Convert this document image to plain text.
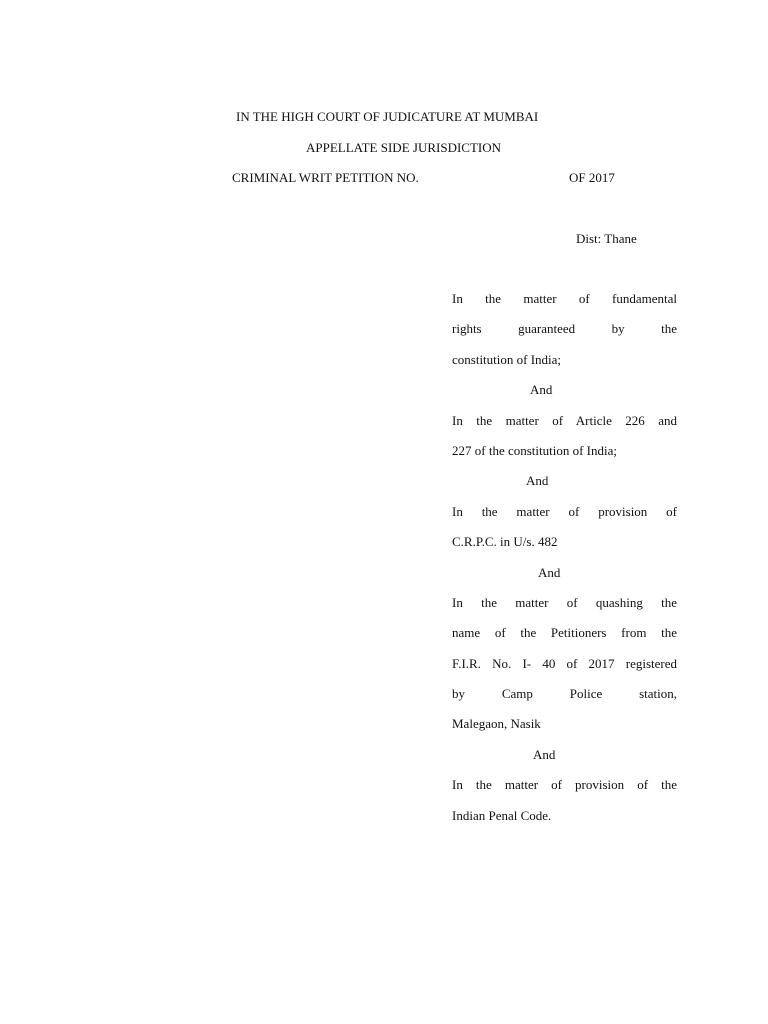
IN THE HIGH COURT OF JUDICATURE AT MUMBAI
APPELLATE SIDE JURISDICTION
CRIMINAL WRIT PETITION NO.	OF 2017
Dist: Thane
In the matter of fundamental
rights guaranteed by the
constitution of India;
And
In the matter of Article 226 and
227 of the constitution of India;
And
In the matter of provision of
C.R.P.C. in U/s. 482
And
In the matter of quashing the
name of the Petitioners from the
F.I.R. No. I- 40 of 2017 registered
by Camp Police station,
Malegaon, Nasik
And
In the matter of provision of the
Indian Penal Code.
